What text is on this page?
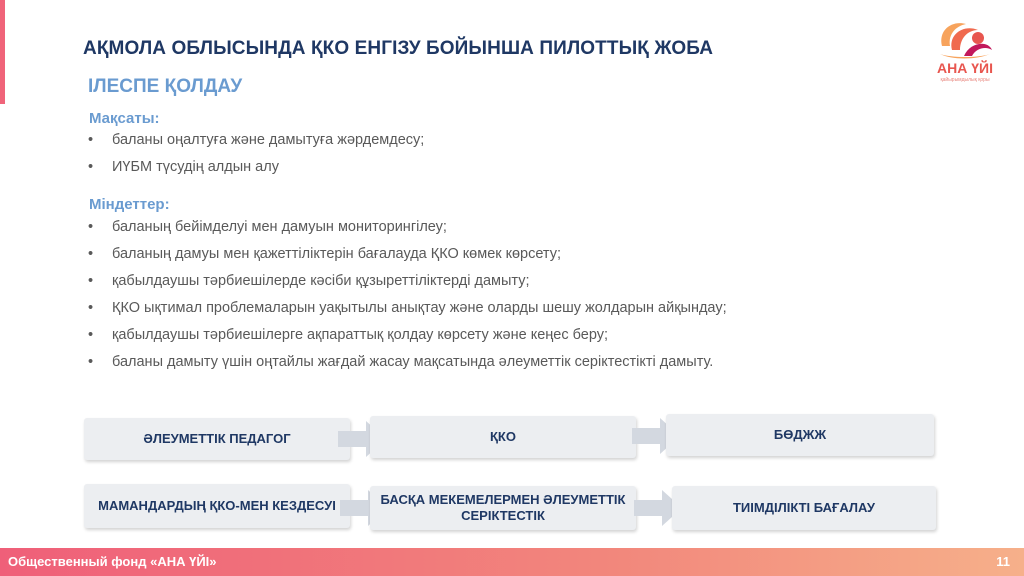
АҚМОЛА ОБЛЫСЫНДА ҚКО ЕНГІЗУ БОЙЫНША ПИЛОТТЫҚ ЖОБА
ІЛЕСПЕ ҚОЛДАУ
АНА ҮЙІ
қайырымдылық қоры
Мақсаты:
• баланы оңалтуға және дамытуға жәрдемдесу;
• ИҮБМ түсудің алдын алу
Міндеттер:
• баланың бейімделуі мен дамуын мониторингілеу;
• баланың дамуы мен қажеттіліктерін бағалауда ҚКО көмек көрсету;
• қабылдаушы тәрбиешілерде кәсіби құзыреттіліктерді дамыту;
• ҚКО ықтимал проблемаларын уақытылы анықтау және оларды шешу жолдарын айқындау;
• қабылдаушы тәрбиешілерге ақпараттық қолдау көрсету және кеңес беру;
• баланы дамыту үшін оңтайлы жағдай жасау мақсатында әлеуметтік серіктестікті дамыту.
ӘЛЕУМЕТТІК ПЕДАГОГ	ҚКО	БӨДЖЖ
МАМАНДАРДЫҢ ҚКО-МЕН КЕЗДЕСУІ	БАСҚА МЕКЕМЕЛЕРМЕН ӘЛЕУМЕТТІК СЕРІКТЕСТІК
ТИІМДІЛІКТІ БАҒАЛАУ
Общественный фонд «АНА ҮЙІ»	11
